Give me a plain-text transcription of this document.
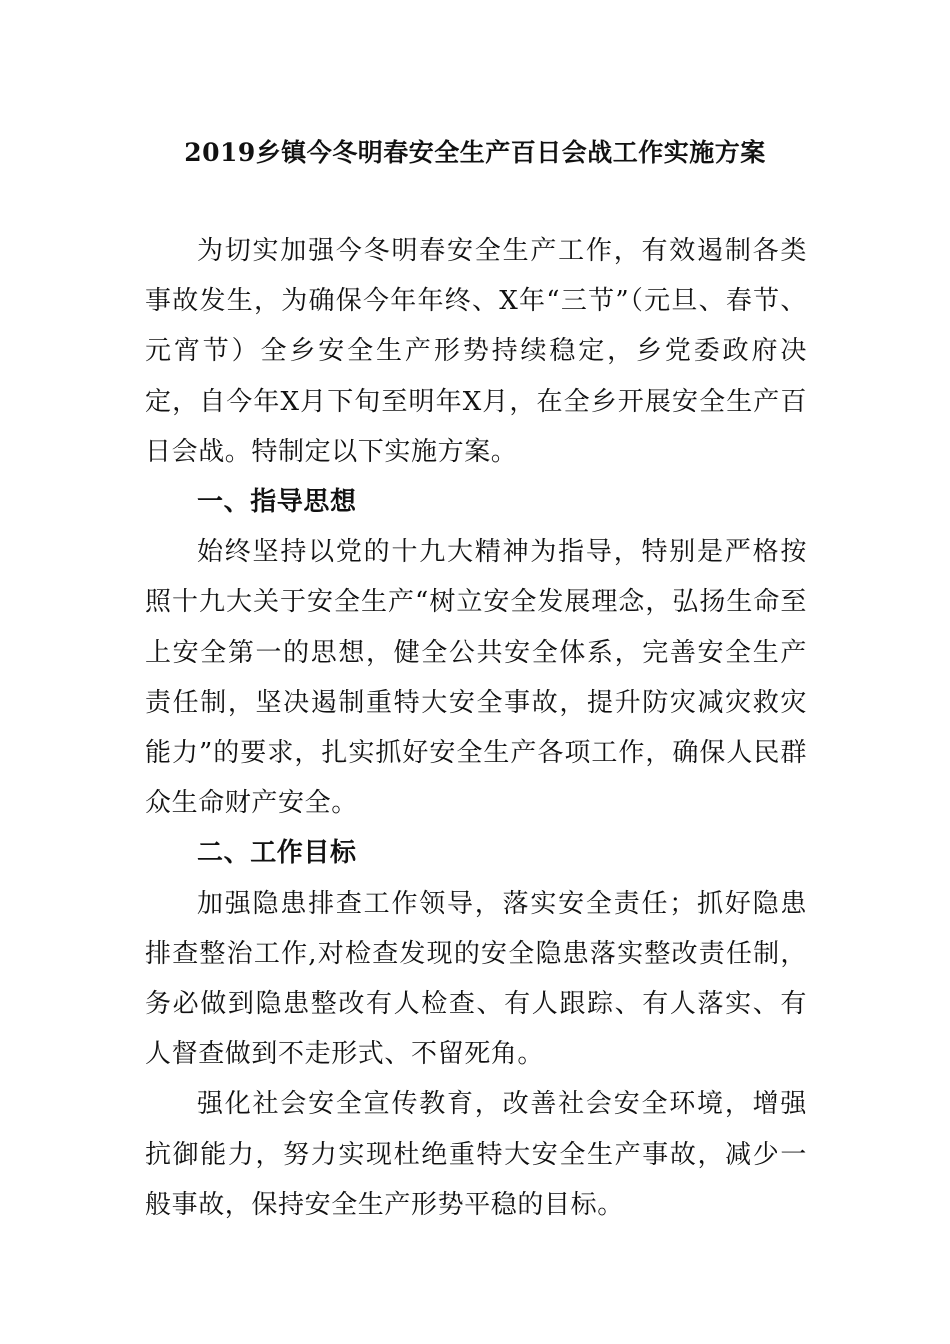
2019乡镇今冬明春安全生产百日会战工作实施方案

为切实加强今冬明春安全生产工作，有效遏制各类事故发生，为确保今年年终、X年“三节”（元旦、春节、元宵节）全乡安全生产形势持续稳定，乡党委政府决定，自今年X月下旬至明年X月，在全乡开展安全生产百日会战。特制定以下实施方案。

一、指导思想

始终坚持以党的十九大精神为指导，特别是严格按照十九大关于安全生产“树立安全发展理念，弘扬生命至上安全第一的思想，健全公共安全体系，完善安全生产责任制，坚决遏制重特大安全事故，提升防灾减灾救灾能力”的要求，扎实抓好安全生产各项工作，确保人民群众生命财产安全。

二、工作目标

加强隐患排查工作领导，落实安全责任；抓好隐患排查整治工作,对检查发现的安全隐患落实整改责任制，务必做到隐患整改有人检查、有人跟踪、有人落实、有人督查做到不走形式、不留死角。

强化社会安全宣传教育，改善社会安全环境，增强抗御能力，努力实现杜绝重特大安全生产事故，减少一般事故，保持安全生产形势平稳的目标。
